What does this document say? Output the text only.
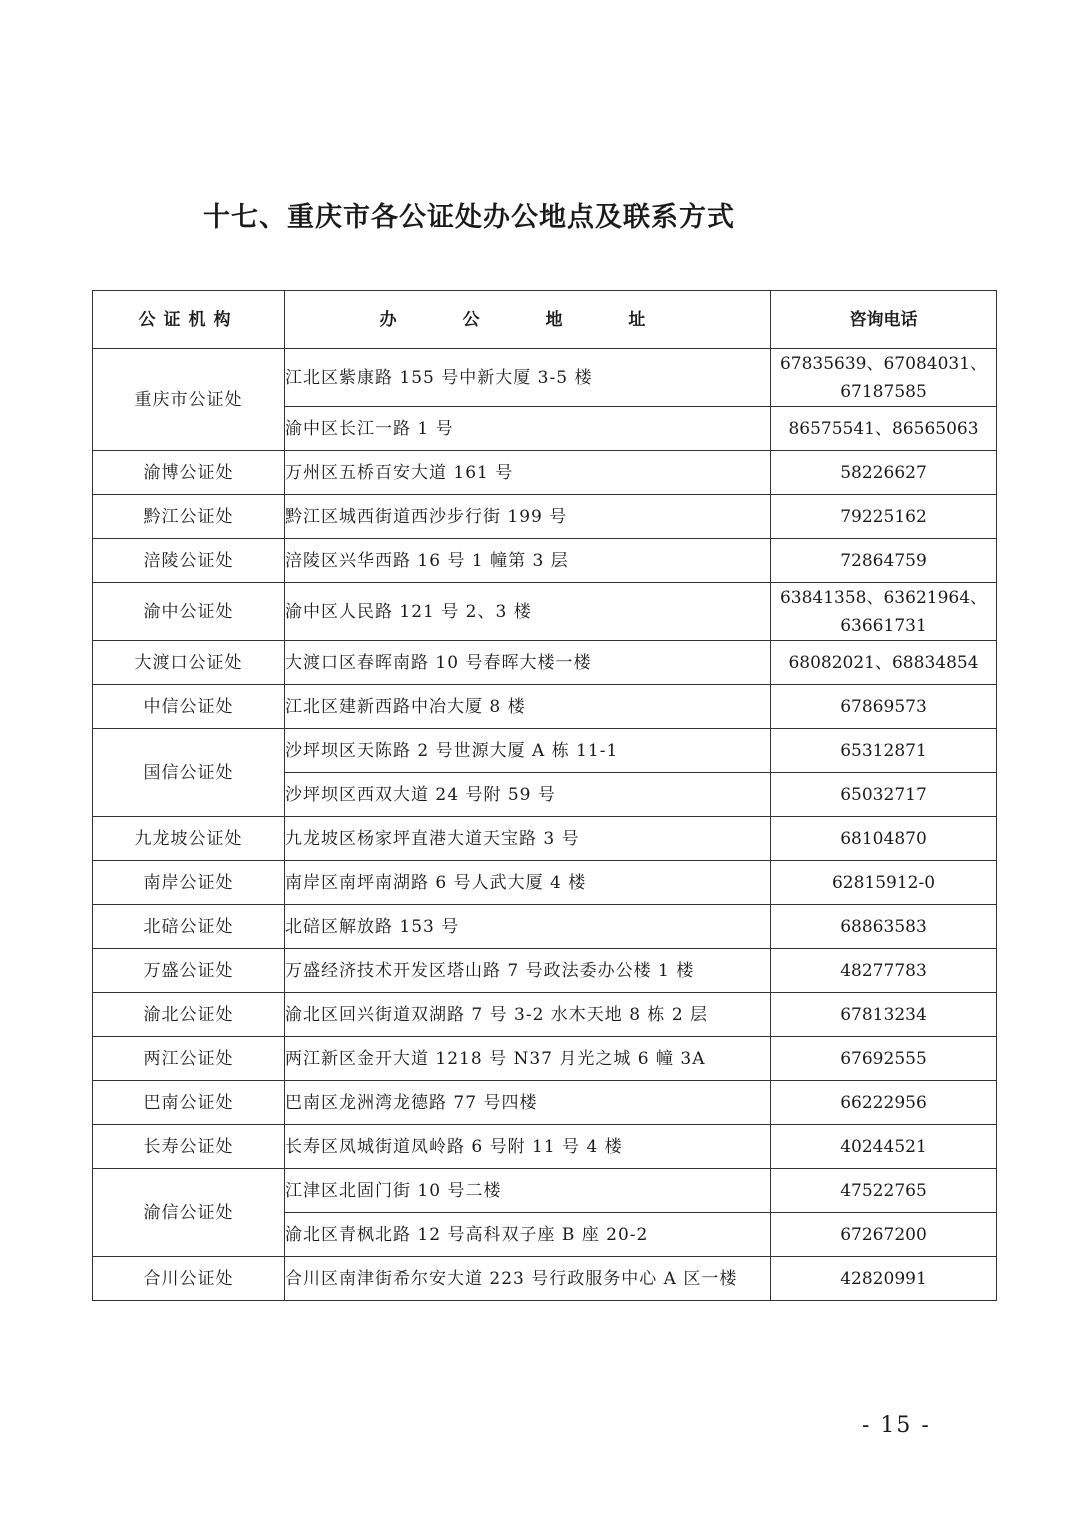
十七、重庆市各公证处办公地点及联系方式
公证机构	办 公 地 址	咨询电话
重庆市公证处	江北区紫康路 155 号中新大厦 3-5 楼	67835639、67084031、
67187585
	渝中区长江一路 1 号	86575541、86565063
渝博公证处	万州区五桥百安大道 161 号	58226627
黔江公证处	黔江区城西街道西沙步行街 199 号	79225162
涪陵公证处	涪陵区兴华西路 16 号 1 幢第 3 层	72864759
渝中公证处	渝中区人民路 121 号 2、3 楼	63841358、63621964、
63661731
大渡口公证处	大渡口区春晖南路 10 号春晖大楼一楼	68082021、68834854
中信公证处	江北区建新西路中冶大厦 8 楼	67869573
国信公证处	沙坪坝区天陈路 2 号世源大厦 A 栋 11-1	65312871
	沙坪坝区西双大道 24 号附 59 号	65032717
九龙坡公证处	九龙坡区杨家坪直港大道天宝路 3 号	68104870
南岸公证处	南岸区南坪南湖路 6 号人武大厦 4 楼	62815912-0
北碚公证处	北碚区解放路 153 号	68863583
万盛公证处	万盛经济技术开发区塔山路 7 号政法委办公楼 1 楼	48277783
渝北公证处	渝北区回兴街道双湖路 7 号 3-2 水木天地 8 栋 2 层	67813234
两江公证处	两江新区金开大道 1218 号 N37 月光之城 6 幢 3A	67692555
巴南公证处	巴南区龙洲湾龙德路 77 号四楼	66222956
长寿公证处	长寿区凤城街道凤岭路 6 号附 11 号 4 楼	40244521
渝信公证处	江津区北固门街 10 号二楼	47522765
	渝北区青枫北路 12 号高科双子座 B 座 20-2	67267200
合川公证处	合川区南津街希尔安大道 223 号行政服务中心 A 区一楼	42820991
- 15 -
